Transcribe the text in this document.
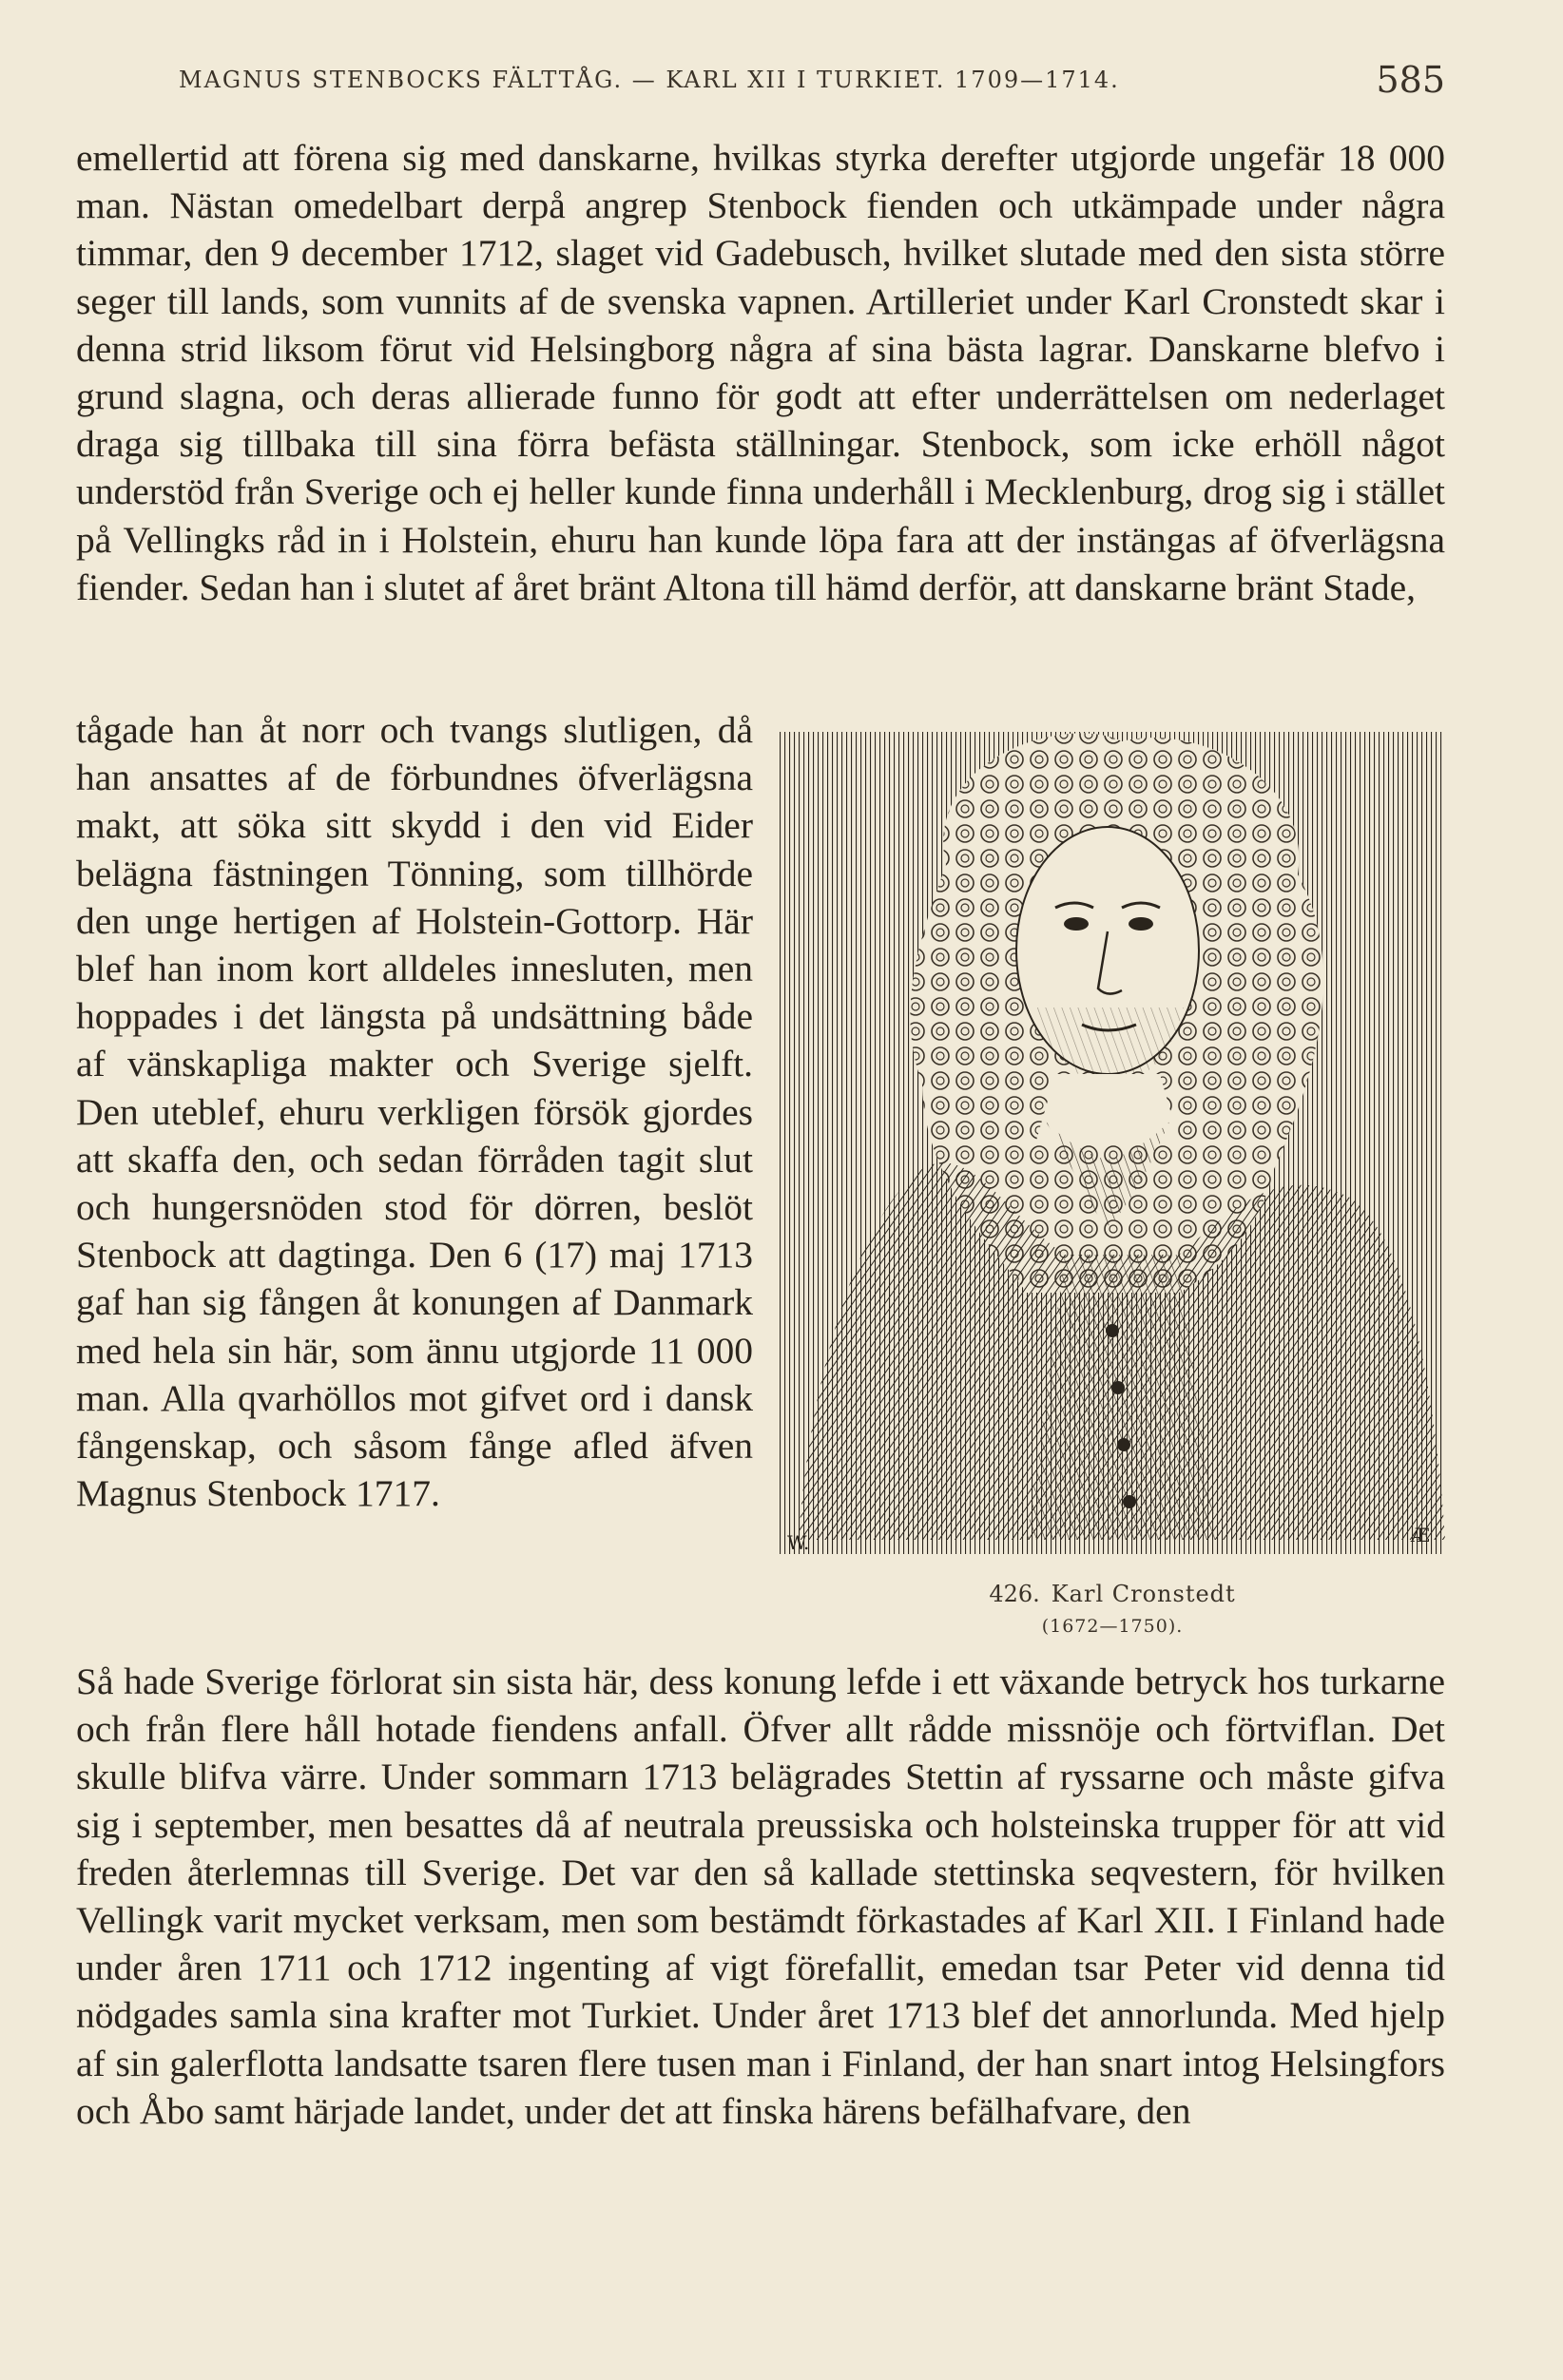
MAGNUS STENBOCKS FÄLTTÅG. — KARL XII I TURKIET. 1709—1714.	585

emellertid att förena sig med danskarne, hvilkas styrka derefter utgjorde ungefär 18 000 man. Nästan omedelbart derpå angrep Stenbock fienden och utkämpade under några timmar, den 9 december 1712, slaget vid Gadebusch, hvilket slutade med den sista större seger till lands, som vunnits af de svenska vapnen. Artilleriet under Karl Cronstedt skar i denna strid liksom förut vid Helsingborg några af sina bästa lagrar. Danskarne blefvo i grund slagna, och deras allierade funno för godt att efter underrättelsen om nederlaget draga sig tillbaka till sina förra befästa ställningar. Stenbock, som icke erhöll något understöd från Sverige och ej heller kunde finna underhåll i Mecklenburg, drog sig i stället på Vellingks råd in i Holstein, ehuru han kunde löpa fara att der instängas af öfverlägsna fiender. Sedan han i slutet af året bränt Altona till hämd derför, att danskarne bränt Stade,

tågade han åt norr och tvangs slutligen, då han ansattes af de förbundnes öfverlägsna makt, att söka sitt skydd i den vid Eider belägna fästningen Tönning, som tillhörde den unge hertigen af Holstein-Gottorp. Här blef han inom kort alldeles innesluten, men hoppades i det längsta på undsättning både af vänskapliga makter och Sverige sjelft. Den uteblef, ehuru verkligen försök gjordes att skaffa den, och sedan förråden tagit slut och hungersnöden stod för dörren, beslöt Stenbock att dagtinga. Den 6 (17) maj 1713 gaf han sig fången åt konungen af Danmark med hela sin här, som ännu utgjorde 11 000 man. Alla qvarhöllos mot gifvet ord i dansk fångenskap, och såsom fånge afled äfven Magnus Stenbock 1717.

W.	Æ
426. Karl Cronstedt
(1672—1750).

Så hade Sverige förlorat sin sista här, dess konung lefde i ett växande betryck hos turkarne och från flere håll hotade fiendens anfall. Öfver allt rådde missnöje och förtviflan. Det skulle blifva värre. Under sommarn 1713 belägrades Stettin af ryssarne och måste gifva sig i september, men besattes då af neutrala preussiska och holsteinska trupper för att vid freden återlemnas till Sverige. Det var den så kallade stettinska seqvestern, för hvilken Vellingk varit mycket verksam, men som bestämdt förkastades af Karl XII. I Finland hade under åren 1711 och 1712 ingenting af vigt förefallit, emedan tsar Peter vid denna tid nödgades samla sina krafter mot Turkiet. Under året 1713 blef det annorlunda. Med hjelp af sin galerflotta landsatte tsaren flere tusen man i Finland, der han snart intog Helsingfors och Åbo samt härjade landet, under det att finska härens befälhafvare, den
